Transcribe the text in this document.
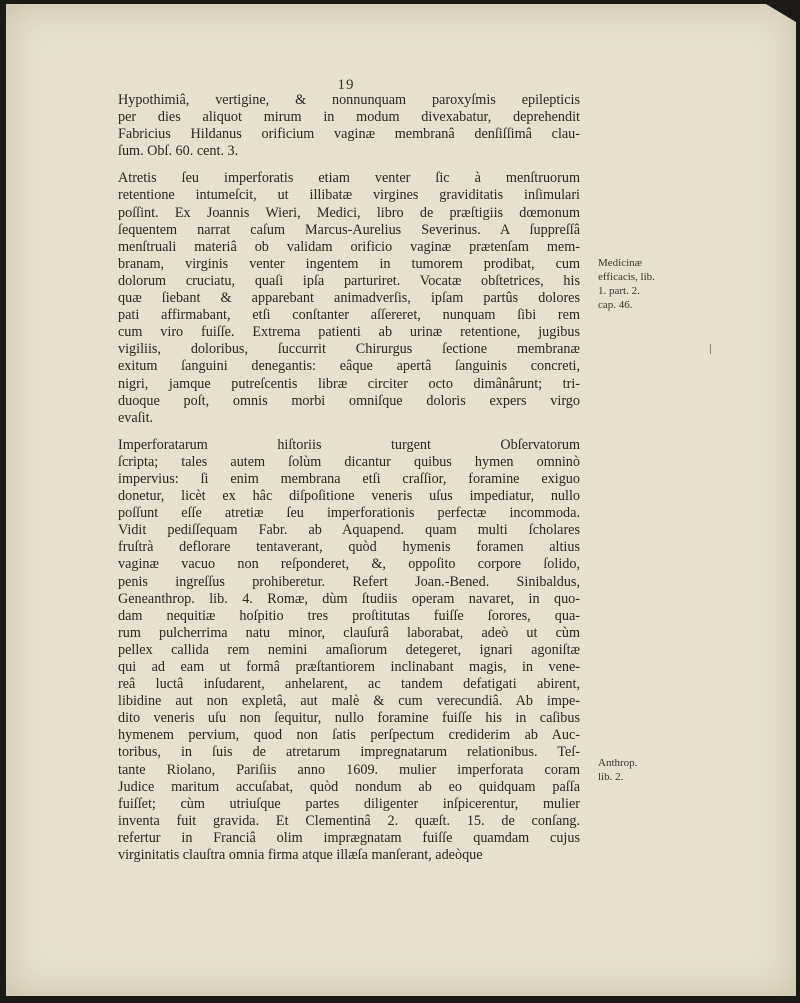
19
Hypothimiâ, vertigine, & nonnunquam paroxyſmis epilepticis
per dies aliquot mirum in modum divexabatur, deprehendit
Fabricius Hildanus orificium vaginæ membranâ denſiſſimâ clau-
ſum. Obſ. 60. cent. 3.
Atretis ſeu imperforatis etiam venter ſic à menſtruorum
retentione intumeſcit, ut illibatæ virgines graviditatis inſimulari
poſſint. Ex Joannis Wieri, Medici, libro de præſtigiis dœmonum
ſequentem narrat caſum Marcus-Aurelius Severinus. A ſuppreſſâ
menſtruali materiâ ob validam orificio vaginæ prætenſam mem-
branam, virginis venter ingentem in tumorem prodibat, cum
dolorum cruciatu, quaſi ipſa parturiret. Vocatæ obſtetrices, his
quæ ſiebant & apparebant animadverſis, ipſam partûs dolores
pati affirmabant, etſi conſtanter aſſereret, nunquam ſibi rem
cum viro fuiſſe. Extrema patienti ab urinæ retentione, jugibus
vigiliis, doloribus, ſuccurrit Chirurgus ſectione membranæ
exitum ſanguini denegantis: eâque apertâ ſanguinis concreti,
nigri, jamque putreſcentis libræ circiter octo dimânârunt; tri-
duoque poſt, omnis morbi omniſque doloris expers virgo
evaſit.
Imperforatarum hiſtoriis turgent Obſervatorum
ſcripta; tales autem ſolùm dicantur quibus hymen omninò
impervius: ſi enim membrana etſi craſſior, foramine exiguo
donetur, licèt ex hâc diſpoſitione veneris uſus impediatur, nullo
poſſunt eſſe atretiæ ſeu imperforationis perfectæ incommoda.
Vidit pediſſequam Fabr. ab Aquapend. quam multi ſcholares
fruſtrà deflorare tentaverant, quòd hymenis foramen altius
vaginæ vacuo non reſponderet, &, oppoſito corpore ſolido,
penis ingreſſus prohiberetur. Refert Joan.-Bened. Sinibaldus,
Geneanthrop. lib. 4. Romæ, dùm ſtudiis operam navaret, in quo-
dam nequitiæ hoſpitio tres proſtitutas fuiſſe ſorores, qua-
rum pulcherrima natu minor, clauſurâ laborabat, adeò ut cùm
pellex callida rem nemini amaſiorum detegeret, ignari agoniſtæ
qui ad eam ut formâ præſtantiorem inclinabant magis, in vene-
reâ luctâ inſudarent, anhelarent, ac tandem defatigati abirent,
libidine aut non expletâ, aut malè & cum verecundiâ. Ab impe-
dito veneris uſu non ſequitur, nullo foramine fuiſſe his in caſibus
hymenem pervium, quod non ſatis perſpectum crediderim ab Auc-
toribus, in ſuis de atretarum impregnatarum relationibus. Teſ-
tante Riolano, Pariſiis anno 1609. mulier imperforata coram
Judice maritum accuſabat, quòd nondum ab eo quidquam paſſa
fuiſſet; cùm utriuſque partes diligenter inſpicerentur, mulier
inventa fuit gravida. Et Clementinâ 2. quæſt. 15. de conſang.
refertur in Franciâ olim imprægnatam fuiſſe quamdam cujus
virginitatis clauſtra omnia firma atque illæſa manſerant, adeòque
Medicinæ
efficacis, lib.
1. part. 2.
cap. 46.
Anthrop.
lib. 2.
